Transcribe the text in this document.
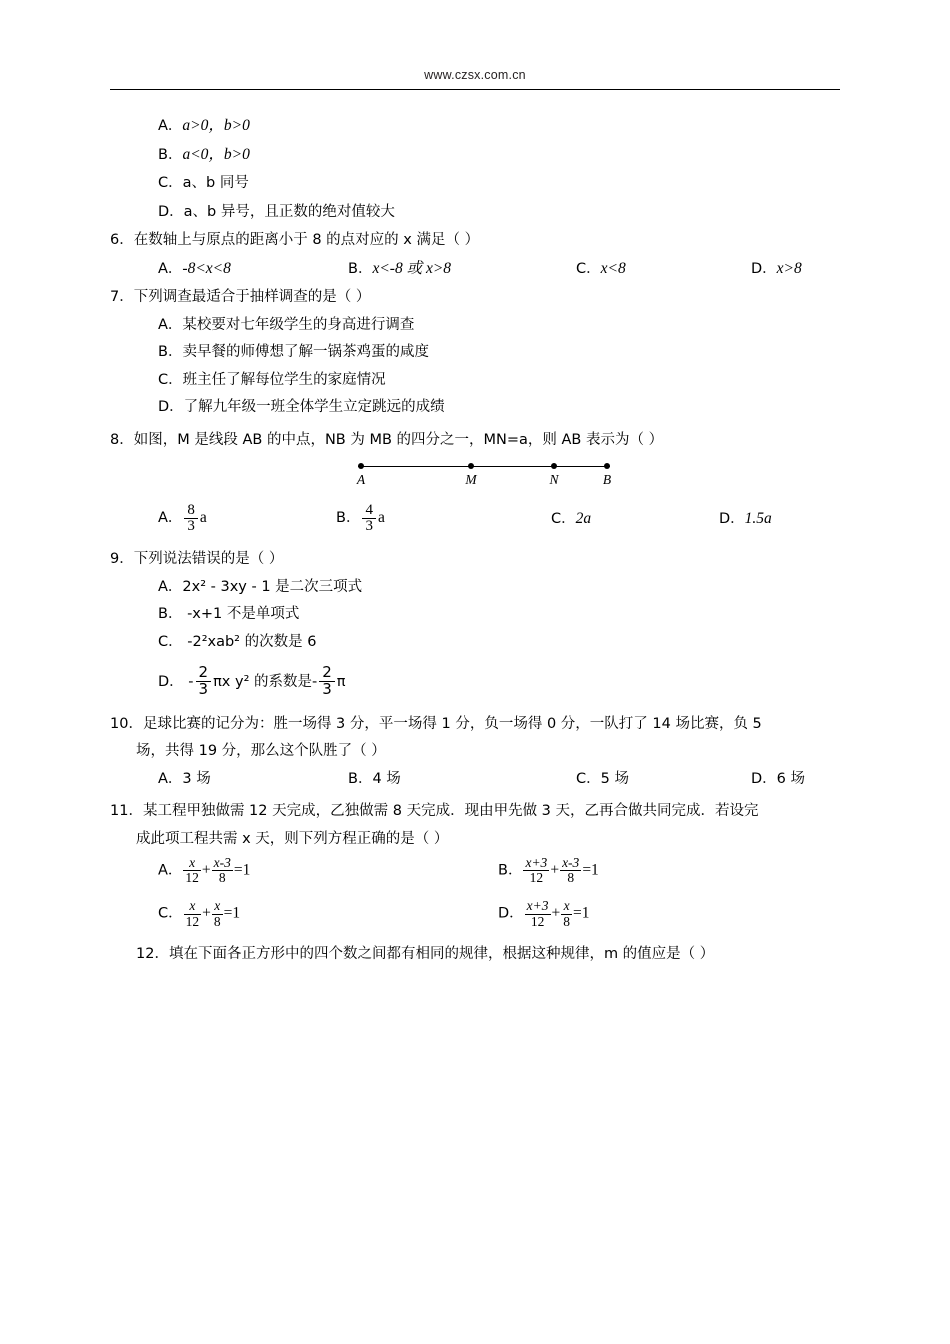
www.czsx.com.cn
A．a>0，b>0
B．a<0，b>0
C．a、b 同号
D．a、b 异号，且正数的绝对值较大
6．在数轴上与原点的距离小于 8 的点对应的 x 满足（ ）
A．-8<x<8	B．x<-8 或 x>8	C．x<8	D．x>8
7．下列调查最适合于抽样调查的是（ ）
A．某校要对七年级学生的身高进行调查
B．卖早餐的师傅想了解一锅茶鸡蛋的咸度
C．班主任了解每位学生的家庭情况
D．了解九年级一班全体学生立定跳远的成绩
8．如图，M 是线段 AB 的中点，NB 为 MB 的四分之一，MN=a，则 AB 表示为（ ）
A	M	N	B
A． $\frac{8}{3}$ a	B． $\frac{4}{3}$ a	C．2a	D．1.5a
9．下列说法错误的是（ ）
A．2x² - 3xy - 1 是二次三项式
B． -x+1 不是单项式
C． -2²xab² 的次数是 6
D． - $\frac{2}{3}$ πx y² 的系数是- $\frac{2}{3}$ π
10．足球比赛的记分为：胜一场得 3 分，平一场得 1 分，负一场得 0 分，一队打了 14 场比赛，负 5
场，共得 19 分，那么这个队胜了（ ）
A．3 场	B．4 场	C．5 场	D．6 场
11．某工程甲独做需 12 天完成，乙独做需 8 天完成．现由甲先做 3 天，乙再合做共同完成．若设完
成此项工程共需 x 天，则下列方程正确的是（ ）
A． $\frac{x}{12} + \frac{x-3}{8} =1$	B． $\frac{x+3}{12} + \frac{x-3}{8} =1$
C． $\frac{x}{12} + \frac{x}{8} =1$	D． $\frac{x+3}{12} + \frac{x}{8} =1$
12．填在下面各正方形中的四个数之间都有相同的规律，根据这种规律，m 的值应是（ ）
